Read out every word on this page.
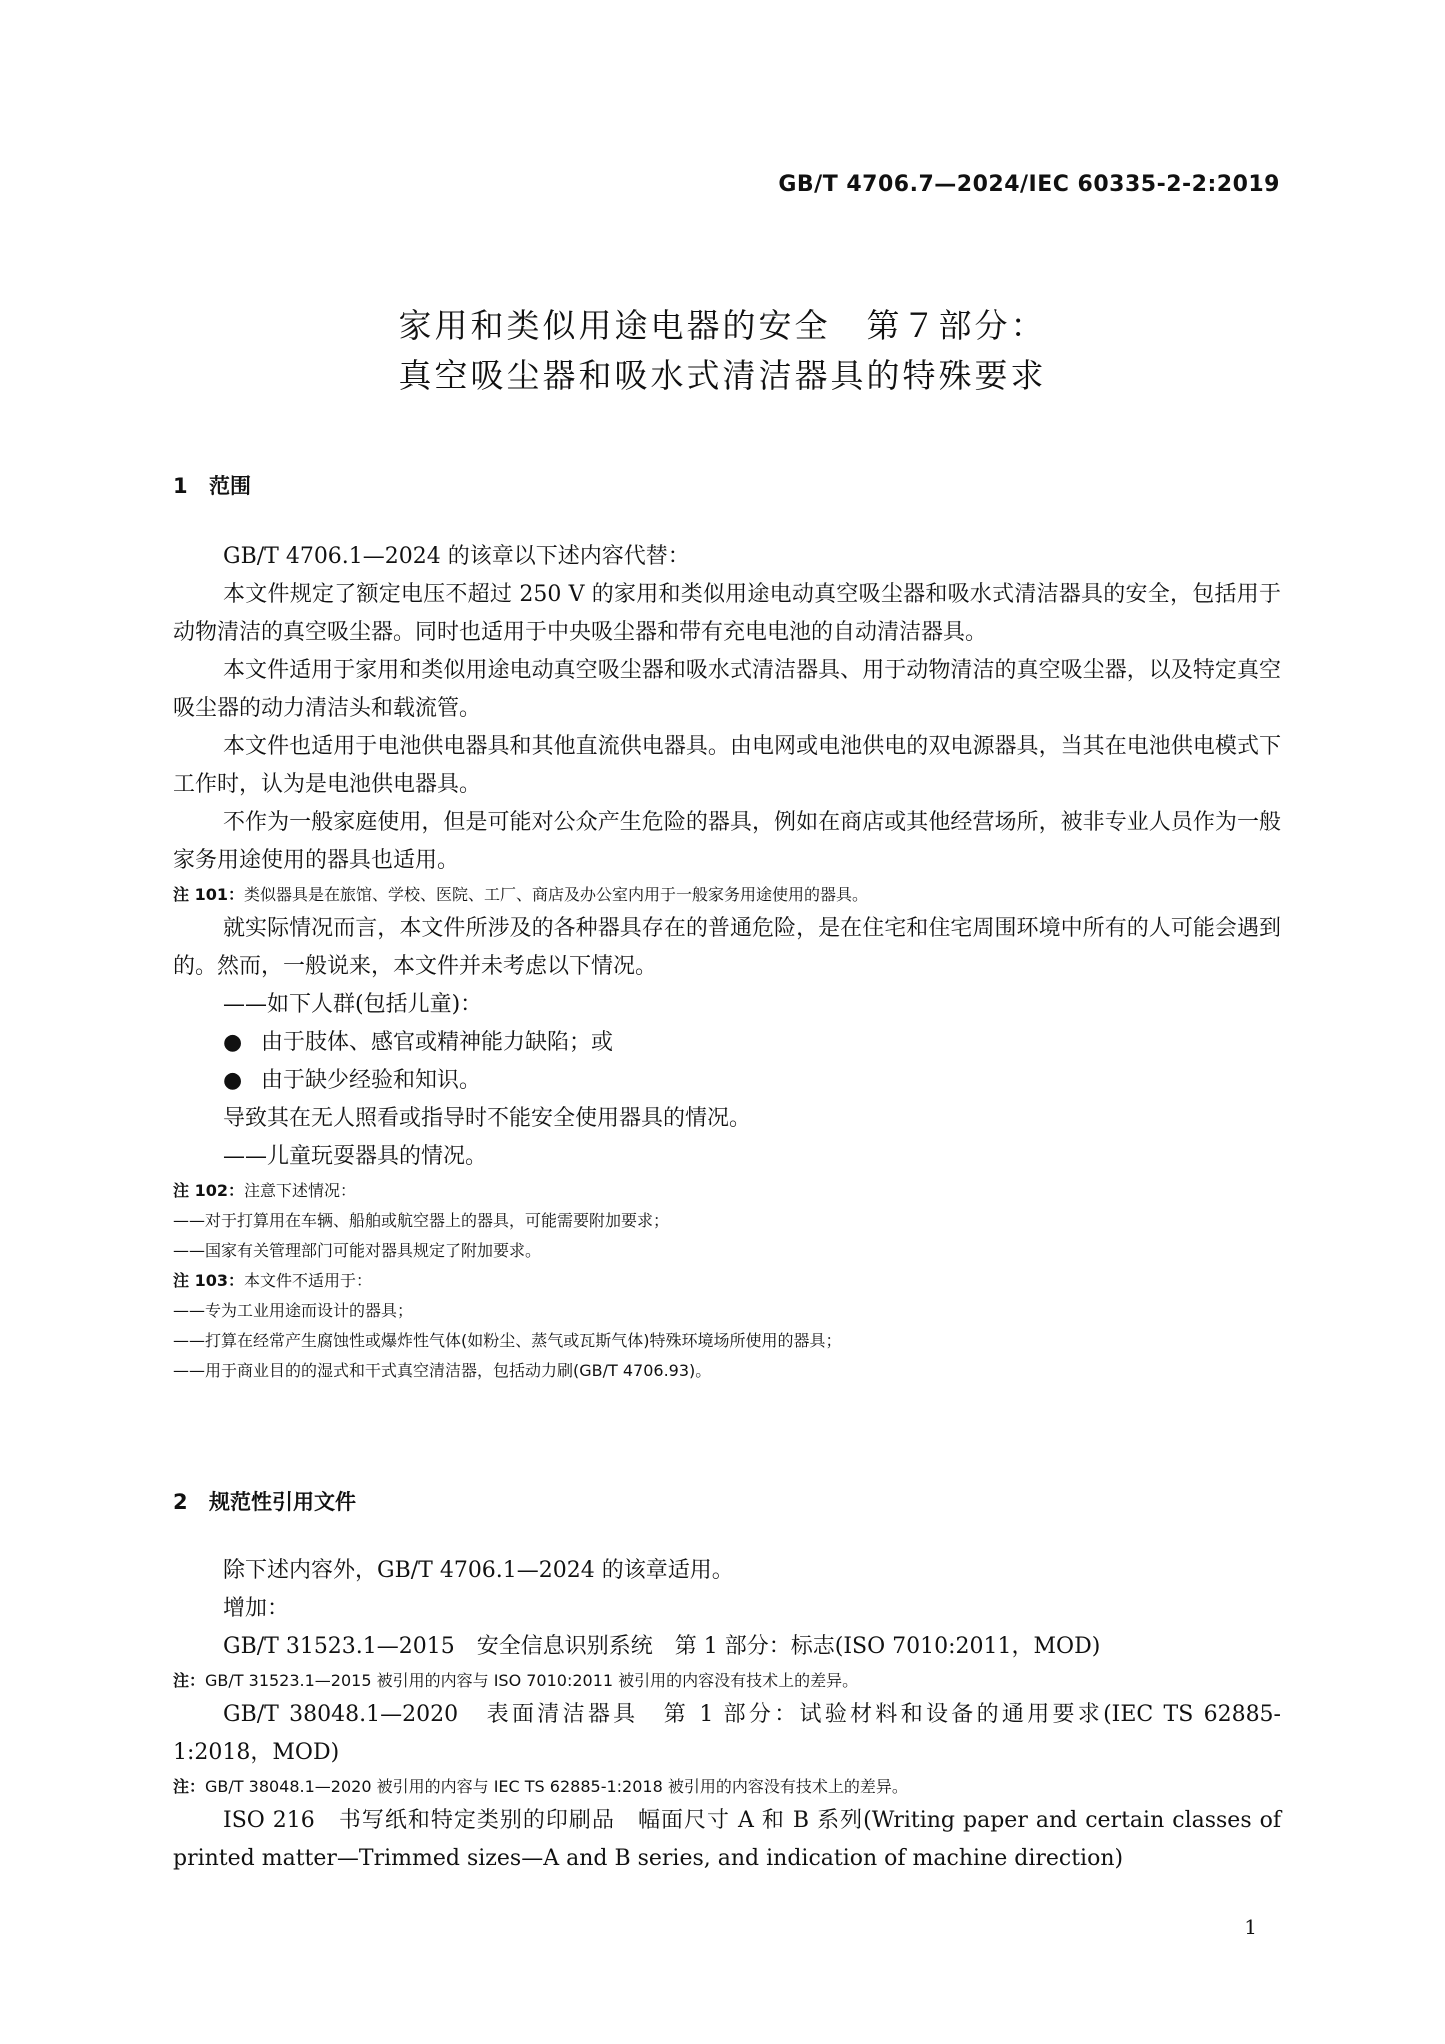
GB/T 4706.7—2024/IEC 60335-2-2:2019
家用和类似用途电器的安全　第７部分：
真空吸尘器和吸水式清洁器具的特殊要求
1 范围

GB/T 4706.1—2024 的该章以下述内容代替：

本文件规定了额定电压不超过 250 V 的家用和类似用途电动真空吸尘器和吸水式清洁器具的安全，包括用于动物清洁的真空吸尘器。同时也适用于中央吸尘器和带有充电电池的自动清洁器具。

本文件适用于家用和类似用途电动真空吸尘器和吸水式清洁器具、用于动物清洁的真空吸尘器，以及特定真空吸尘器的动力清洁头和载流管。

本文件也适用于电池供电器具和其他直流供电器具。由电网或电池供电的双电源器具，当其在电池供电模式下工作时，认为是电池供电器具。

不作为一般家庭使用，但是可能对公众产生危险的器具，例如在商店或其他经营场所，被非专业人员作为一般家务用途使用的器具也适用。

注 101：类似器具是在旅馆、学校、医院、工厂、商店及办公室内用于一般家务用途使用的器具。

就实际情况而言，本文件所涉及的各种器具存在的普通危险，是在住宅和住宅周围环境中所有的人可能会遇到的。然而，一般说来，本文件并未考虑以下情况。

——如下人群(包括儿童)：

● 由于肢体、感官或精神能力缺陷；或

● 由于缺少经验和知识。

导致其在无人照看或指导时不能安全使用器具的情况。

——儿童玩耍器具的情况。

注 102：注意下述情况：

——对于打算用在车辆、船舶或航空器上的器具，可能需要附加要求；

——国家有关管理部门可能对器具规定了附加要求。

注 103：本文件不适用于：

——专为工业用途而设计的器具；

——打算在经常产生腐蚀性或爆炸性气体(如粉尘、蒸气或瓦斯气体)特殊环境场所使用的器具；

——用于商业目的的湿式和干式真空清洁器，包括动力刷(GB/T 4706.93)。

2 规范性引用文件

除下述内容外，GB/T 4706.1—2024 的该章适用。

增加：

GB/T 31523.1—2015　安全信息识别系统　第 1 部分：标志(ISO 7010:2011，MOD)

注：GB/T 31523.1—2015 被引用的内容与 ISO 7010:2011 被引用的内容没有技术上的差异。

GB/T 38048.1—2020　表面清洁器具　第 1 部分：试验材料和设备的通用要求(IEC TS 62885-1:2018，MOD)

注：GB/T 38048.1—2020 被引用的内容与 IEC TS 62885-1:2018 被引用的内容没有技术上的差异。

ISO 216　书写纸和特定类别的印刷品　幅面尺寸 A 和 B 系列(Writing paper and certain classes of printed matter—Trimmed sizes—A and B series, and indication of machine direction)

1
